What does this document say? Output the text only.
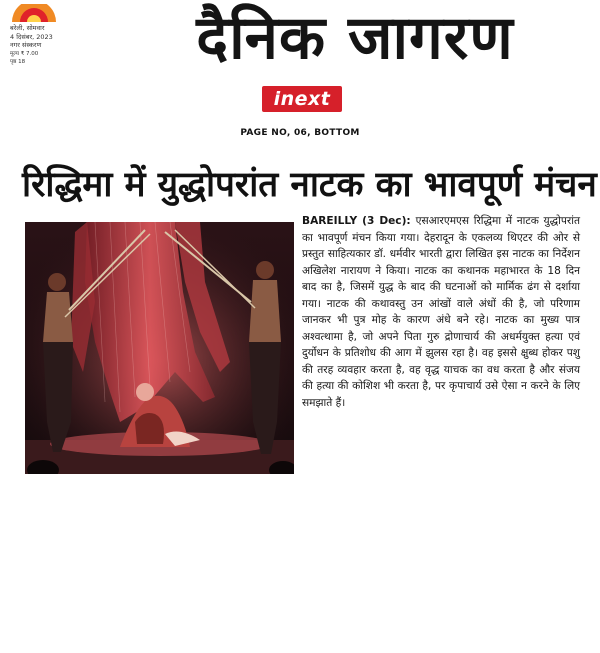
बरेली, सोमवार
4 दिसंबर, 2023
नगर संस्करण
मूल्य ₹ 7.00
पृष्ठ 18	दैनिक जागरण
inext
PAGE NO, 06, BOTTOM
रिद्धिमा में युद्धोपरांत नाटक का भावपूर्ण मंचन
BAREILLY (3 Dec): एसआरएमएस रिद्धिमा में नाटक युद्धोपरांत का भावपूर्ण मंचन किया गया। देहरादून के एकलव्य थिएटर की ओर से प्रस्तुत साहित्यकार डॉ. धर्मवीर भारती द्वारा लिखित इस नाटक का निर्देशन अखिलेश नारायण ने किया। नाटक का कथानक महाभारत के 18 दिन बाद का है, जिसमें युद्ध के बाद की घटनाओं को मार्मिक ढंग से दर्शाया गया। नाटक की कथावस्तु उन आंखों वाले अंधों की है, जो परिणाम जानकर भी पुत्र मोह के कारण अंधे बने रहे। नाटक का मुख्य पात्र अश्वत्थामा है, जो अपने पिता गुरु द्रोणाचार्य की अधर्मयुक्त हत्या एवं दुर्योधन के प्रतिशोध की आग में झुलस रहा है। वह इससे क्षुब्ध होकर पशु की तरह व्यवहार करता है, वह वृद्ध याचक का वध करता है और संजय की हत्या की कोशिश भी करता है, पर कृपाचार्य उसे ऐसा न करने के लिए समझाते हैं।
